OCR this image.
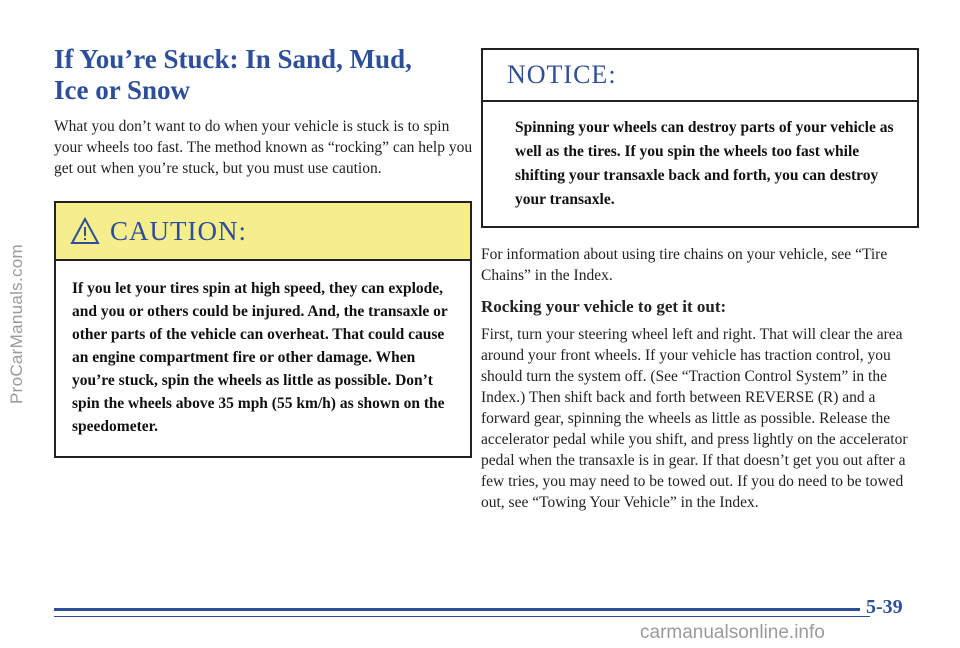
ProCarManuals.com
If You’re Stuck: In Sand, Mud,
Ice or Snow

What you don’t want to do when your vehicle is stuck is to spin your wheels too fast. The method known as “rocking” can help you get out when you’re stuck, but you must use caution.

CAUTION:
If you let your tires spin at high speed, they can explode, and you or others could be injured. And, the transaxle or other parts of the vehicle can overheat. That could cause an engine compartment fire or other damage. When you’re stuck, spin the wheels as little as possible. Don’t spin the wheels above 35 mph (55 km/h) as shown on the speedometer.
NOTICE:
Spinning your wheels can destroy parts of your vehicle as well as the tires. If you spin the wheels too fast while shifting your transaxle back and forth, you can destroy your transaxle.

For information about using tire chains on your vehicle, see “Tire Chains” in the Index.

Rocking your vehicle to get it out:

First, turn your steering wheel left and right. That will clear the area around your front wheels. If your vehicle has traction control, you should turn the system off. (See “Traction Control System” in the Index.) Then shift back and forth between REVERSE (R) and a forward gear, spinning the wheels as little as possible. Release the accelerator pedal while you shift, and press lightly on the accelerator pedal when the transaxle is in gear. If that doesn’t get you out after a few tries, you may need to be towed out. If you do need to be towed out, see “Towing Your Vehicle” in the Index.

5-39
carmanualsonline.info
